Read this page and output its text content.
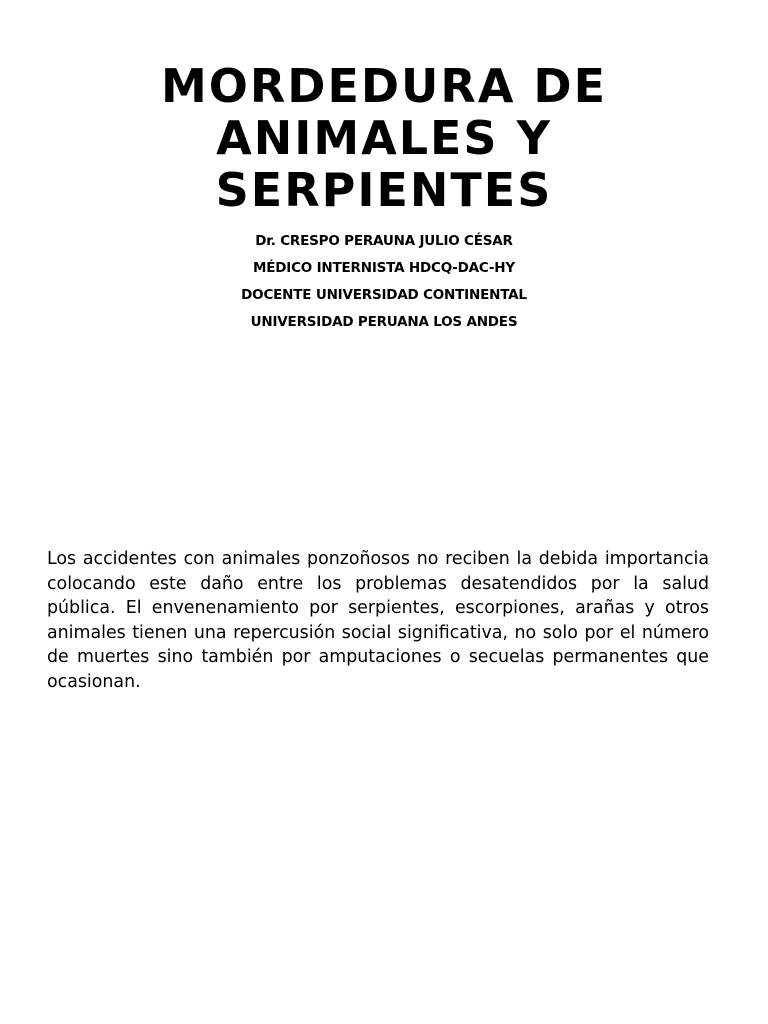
MORDEDURA DE
ANIMALES Y
SERPIENTES
Dr. CRESPO PERAUNA JULIO CÉSAR
MÉDICO INTERNISTA HDCQ-DAC-HY
DOCENTE UNIVERSIDAD CONTINENTAL
UNIVERSIDAD PERUANA LOS ANDES

Los accidentes con animales ponzoñosos no reciben la debida importancia colocando este daño entre los problemas desatendidos por la salud pública. El envenenamiento por serpientes, escorpiones, arañas y otros animales tienen una repercusión social significativa, no solo por el número de muertes sino también por amputaciones o secuelas permanentes que ocasionan.
